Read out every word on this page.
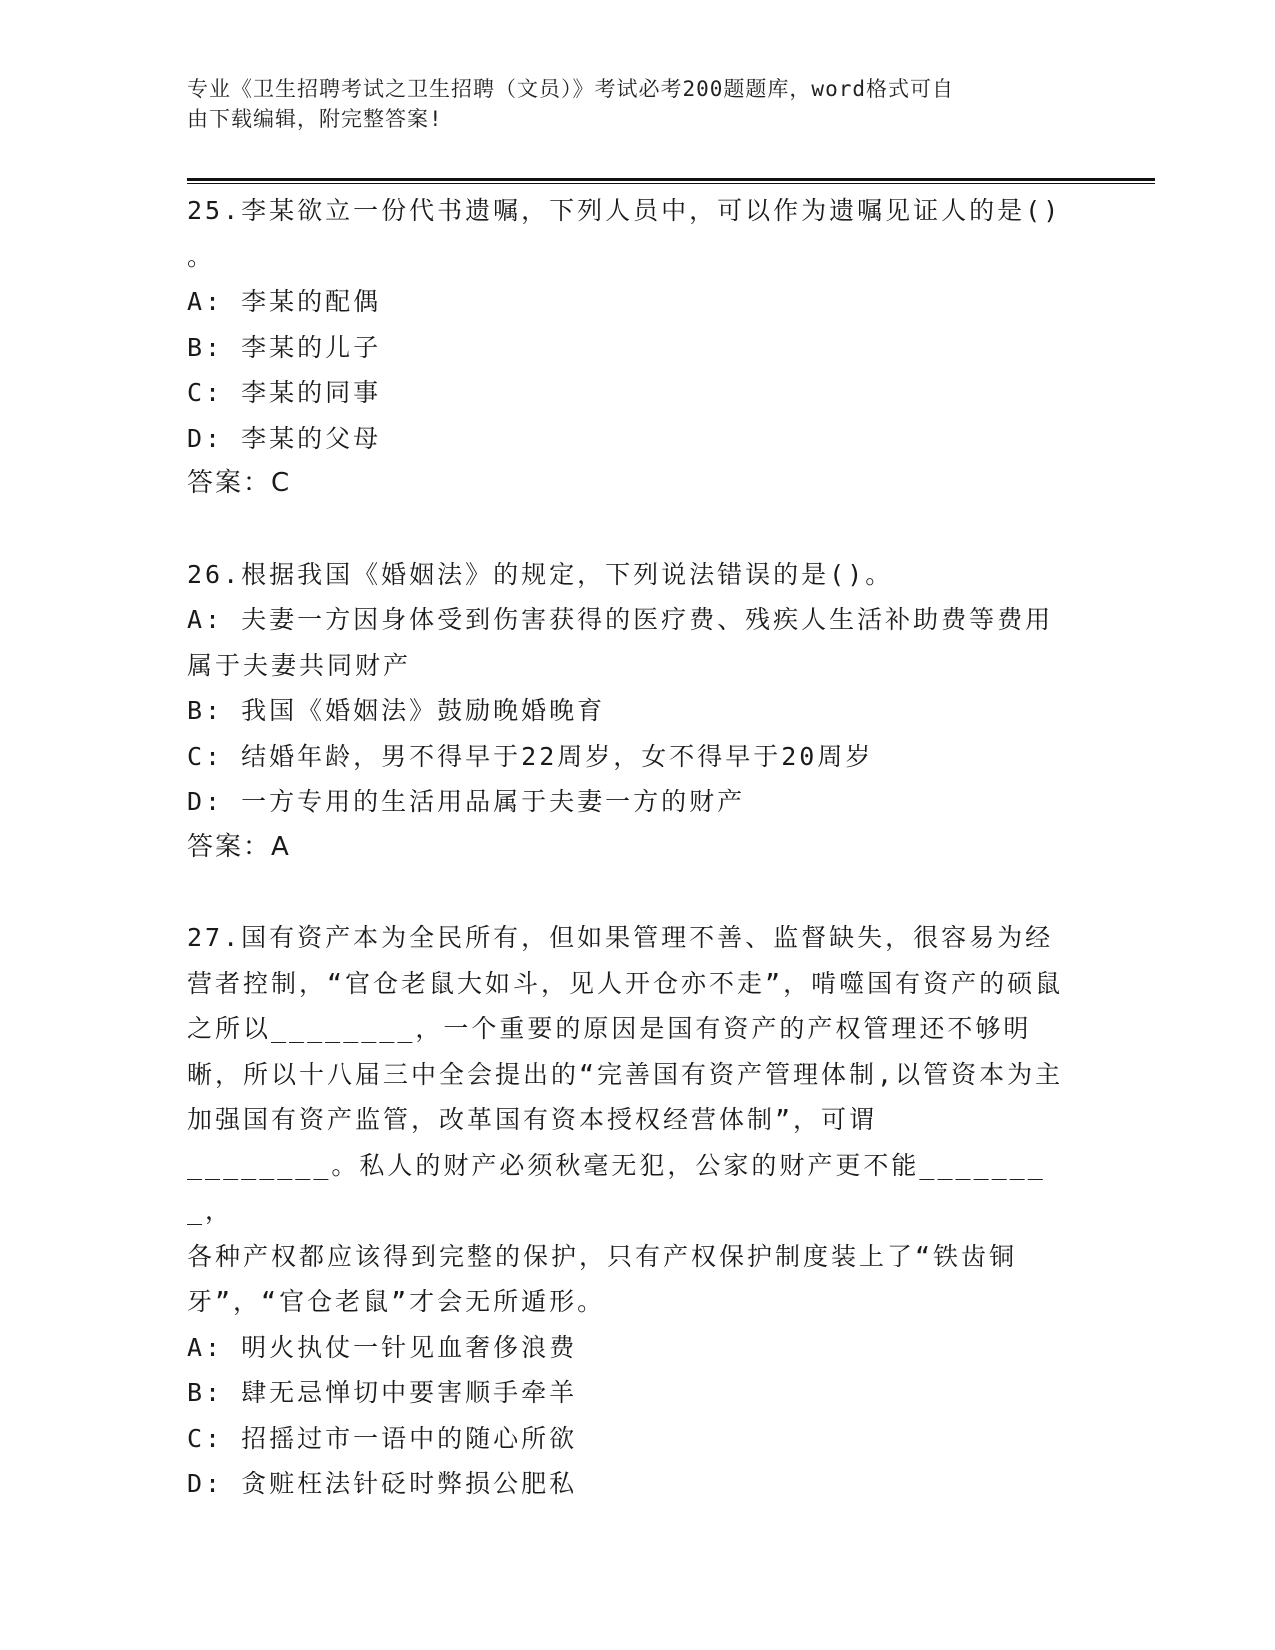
专业《卫生招聘考试之卫生招聘（文员）》考试必考200题题库，word格式可自
由下载编辑，附完整答案!

25.李某欲立一份代书遗嘱，下列人员中，可以作为遗嘱见证人的是()
。

A: 李某的配偶

B: 李某的儿子

C: 李某的同事

D: 李某的父母

答案：C

26.根据我国《婚姻法》的规定，下列说法错误的是()。

A: 夫妻一方因身体受到伤害获得的医疗费、残疾人生活补助费等费用属于夫妻共同财产

B: 我国《婚姻法》鼓励晚婚晚育

C: 结婚年龄，男不得早于22周岁，女不得早于20周岁

D: 一方专用的生活用品属于夫妻一方的财产

答案：A

27.国有资产本为全民所有，但如果管理不善、监督缺失，很容易为经营者控制，“官仓老鼠大如斗，见人开仓亦不走”，啃噬国有资产的硕鼠之所以________，一个重要的原因是国有资产的产权管理还不够明晰，所以十八届三中全会提出的“完善国有资产管理体制,以管资本为主加强国有资产监管，改革国有资本授权经营体制”，可谓
________。私人的财产必须秋毫无犯，公家的财产更不能________，
各种产权都应该得到完整的保护，只有产权保护制度装上了“铁齿铜牙”，“官仓老鼠”才会无所遁形。

A: 明火执仗一针见血奢侈浪费

B: 肆无忌惮切中要害顺手牵羊

C: 招摇过市一语中的随心所欲

D: 贪赃枉法针砭时弊损公肥私
